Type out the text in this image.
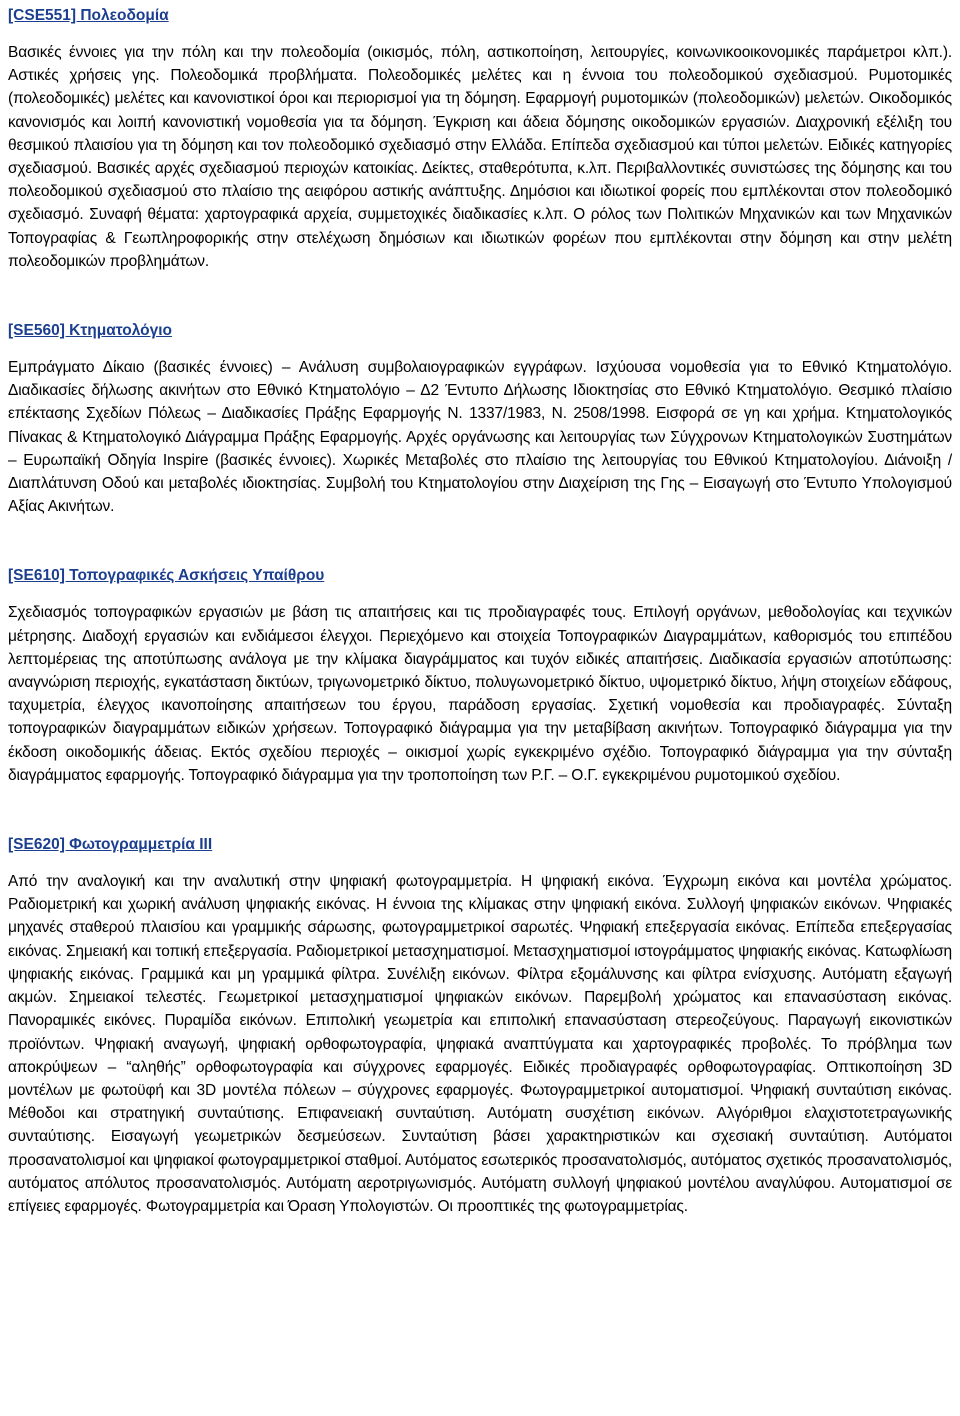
[CSE551] Πολεοδομία

Βασικές έννοιες για την πόλη και την πολεοδομία (οικισμός, πόλη, αστικοποίηση, λειτουργίες, κοινωνικοοικονομικές παράμετροι κλπ.). Αστικές χρήσεις γης. Πολεοδομικά προβλήματα. Πολεοδομικές μελέτες και η έννοια του πολεοδομικού σχεδιασμού. Ρυμοτομικές (πολεοδομικές) μελέτες και κανονιστικοί όροι και περιορισμοί για τη δόμηση. Εφαρμογή ρυμοτομικών (πολεοδομικών) μελετών. Οικοδομικός κανονισμός και λοιπή κανονιστική νομοθεσία για τα δόμηση. Έγκριση και άδεια δόμησης οικοδομικών εργασιών. Διαχρονική εξέλιξη του θεσμικού πλαισίου για τη δόμηση και τον πολεοδομικό σχεδιασμό στην Ελλάδα. Επίπεδα σχεδιασμού και τύποι μελετών. Ειδικές κατηγορίες σχεδιασμού. Βασικές αρχές σχεδιασμού περιοχών κατοικίας. Δείκτες, σταθερότυπα, κ.λπ. Περιβαλλοντικές συνιστώσες της δόμησης και του πολεοδομικού σχεδιασμού στο πλαίσιο της αειφόρου αστικής ανάπτυξης. Δημόσιοι και ιδιωτικοί φορείς που εμπλέκονται στον πολεοδομικό σχεδιασμό. Συναφή θέματα: χαρτογραφικά αρχεία, συμμετοχικές διαδικασίες κ.λπ. Ο ρόλος των Πολιτικών Μηχανικών και των Μηχανικών Τοπογραφίας & Γεωπληροφορικής στην στελέχωση δημόσιων και ιδιωτικών φορέων που εμπλέκονται στην δόμηση και στην μελέτη πολεοδομικών προβλημάτων.

[SE560] Κτηματολόγιο

Εμπράγματο Δίκαιο (βασικές έννοιες) – Ανάλυση συμβολαιογραφικών εγγράφων. Ισχύουσα νομοθεσία για το Εθνικό Κτηματολόγιο. Διαδικασίες δήλωσης ακινήτων στο Εθνικό Κτηματολόγιο – Δ2 Έντυπο Δήλωσης Ιδιοκτησίας στο Εθνικό Κτηματολόγιο. Θεσμικό πλαίσιο επέκτασης Σχεδίων Πόλεως – Διαδικασίες Πράξης Εφαρμογής Ν. 1337/1983, Ν. 2508/1998. Εισφορά σε γη και χρήμα. Κτηματολογικός Πίνακας & Κτηματολογικό Διάγραμμα Πράξης Εφαρμογής. Αρχές οργάνωσης και λειτουργίας των Σύγχρονων Κτηματολογικών Συστημάτων – Ευρωπαϊκή Οδηγία Inspire (βασικές έννοιες). Χωρικές Μεταβολές στο πλαίσιο της λειτουργίας του Εθνικού Κτηματολογίου. Διάνοιξη / Διαπλάτυνση Οδού και μεταβολές ιδιοκτησίας. Συμβολή του Κτηματολογίου στην Διαχείριση της Γης – Εισαγωγή στο Έντυπο Υπολογισμού Αξίας Ακινήτων.

[SE610] Τοπογραφικές Ασκήσεις Υπαίθρου

Σχεδιασμός τοπογραφικών εργασιών με βάση τις απαιτήσεις και τις προδιαγραφές τους. Επιλογή οργάνων, μεθοδολογίας και τεχνικών μέτρησης. Διαδοχή εργασιών και ενδιάμεσοι έλεγχοι. Περιεχόμενο και στοιχεία Τοπογραφικών Διαγραμμάτων, καθορισμός του επιπέδου λεπτομέρειας της αποτύπωσης ανάλογα με την κλίμακα διαγράμματος και τυχόν ειδικές απαιτήσεις. Διαδικασία εργασιών αποτύπωσης: αναγνώριση περιοχής, εγκατάσταση δικτύων, τριγωνομετρικό δίκτυο, πολυγωνομετρικό δίκτυο, υψομετρικό δίκτυο, λήψη στοιχείων εδάφους, ταχυμετρία, έλεγχος ικανοποίησης απαιτήσεων του έργου, παράδοση εργασίας. Σχετική νομοθεσία και προδιαγραφές. Σύνταξη τοπογραφικών διαγραμμάτων ειδικών χρήσεων. Τοπογραφικό διάγραμμα για την μεταβίβαση ακινήτων. Τοπογραφικό διάγραμμα για την έκδοση οικοδομικής άδειας. Εκτός σχεδίου περιοχές – οικισμοί χωρίς εγκεκριμένο σχέδιο. Τοπογραφικό διάγραμμα για την σύνταξη διαγράμματος εφαρμογής. Τοπογραφικό διάγραμμα για την τροποποίηση των Ρ.Γ. – Ο.Γ. εγκεκριμένου ρυμοτομικού σχεδίου.

[SE620] Φωτογραμμετρία ΙΙΙ

Από την αναλογική και την αναλυτική στην ψηφιακή φωτογραμμετρία. Η ψηφιακή εικόνα. Έγχρωμη εικόνα και μοντέλα χρώματος. Ραδιομετρική και χωρική ανάλυση ψηφιακής εικόνας. Η έννοια της κλίμακας στην ψηφιακή εικόνα. Συλλογή ψηφιακών εικόνων. Ψηφιακές μηχανές σταθερού πλαισίου και γραμμικής σάρωσης, φωτογραμμετρικοί σαρωτές. Ψηφιακή επεξεργασία εικόνας. Επίπεδα επεξεργασίας εικόνας. Σημειακή και τοπική επεξεργασία. Ραδιομετρικοί μετασχηματισμοί. Μετασχηματισμοί ιστογράμματος ψηφιακής εικόνας. Κατωφλίωση ψηφιακής εικόνας. Γραμμικά και μη γραμμικά φίλτρα. Συνέλιξη εικόνων. Φίλτρα εξομάλυνσης και φίλτρα ενίσχυσης. Αυτόματη εξαγωγή ακμών. Σημειακοί τελεστές. Γεωμετρικοί μετασχηματισμοί ψηφιακών εικόνων. Παρεμβολή χρώματος και επανασύσταση εικόνας. Πανοραμικές εικόνες. Πυραμίδα εικόνων. Επιπολική γεωμετρία και επιπολική επανασύσταση στερεοζεύγους. Παραγωγή εικονιστικών προϊόντων. Ψηφιακή αναγωγή, ψηφιακή ορθοφωτογραφία, ψηφιακά αναπτύγματα και χαρτογραφικές προβολές. Το πρόβλημα των αποκρύψεων – “αληθής” ορθοφωτογραφία και σύγχρονες εφαρμογές. Ειδικές προδιαγραφές ορθοφωτογραφίας. Οπτικοποίηση 3D μοντέλων με φωτοϋφή και 3D μοντέλα πόλεων – σύγχρονες εφαρμογές. Φωτογραμμετρικοί αυτοματισμοί. Ψηφιακή συνταύτιση εικόνας. Μέθοδοι και στρατηγική συνταύτισης. Επιφανειακή συνταύτιση. Αυτόματη συσχέτιση εικόνων. Αλγόριθμοι ελαχιστοτετραγωνικής συνταύτισης. Εισαγωγή γεωμετρικών δεσμεύσεων. Συνταύτιση βάσει χαρακτηριστικών και σχεσιακή συνταύτιση. Αυτόματοι προσανατολισμοί και ψηφιακοί φωτογραμμετρικοί σταθμοί. Αυτόματος εσωτερικός προσανατολισμός, αυτόματος σχετικός προσανατολισμός, αυτόματος απόλυτος προσανατολισμός. Αυτόματη αεροτριγωνισμός. Αυτόματη συλλογή ψηφιακού μοντέλου αναγλύφου. Αυτοματισμοί σε επίγειες εφαρμογές. Φωτογραμμετρία και Όραση Υπολογιστών. Οι προοπτικές της φωτογραμμετρίας.
